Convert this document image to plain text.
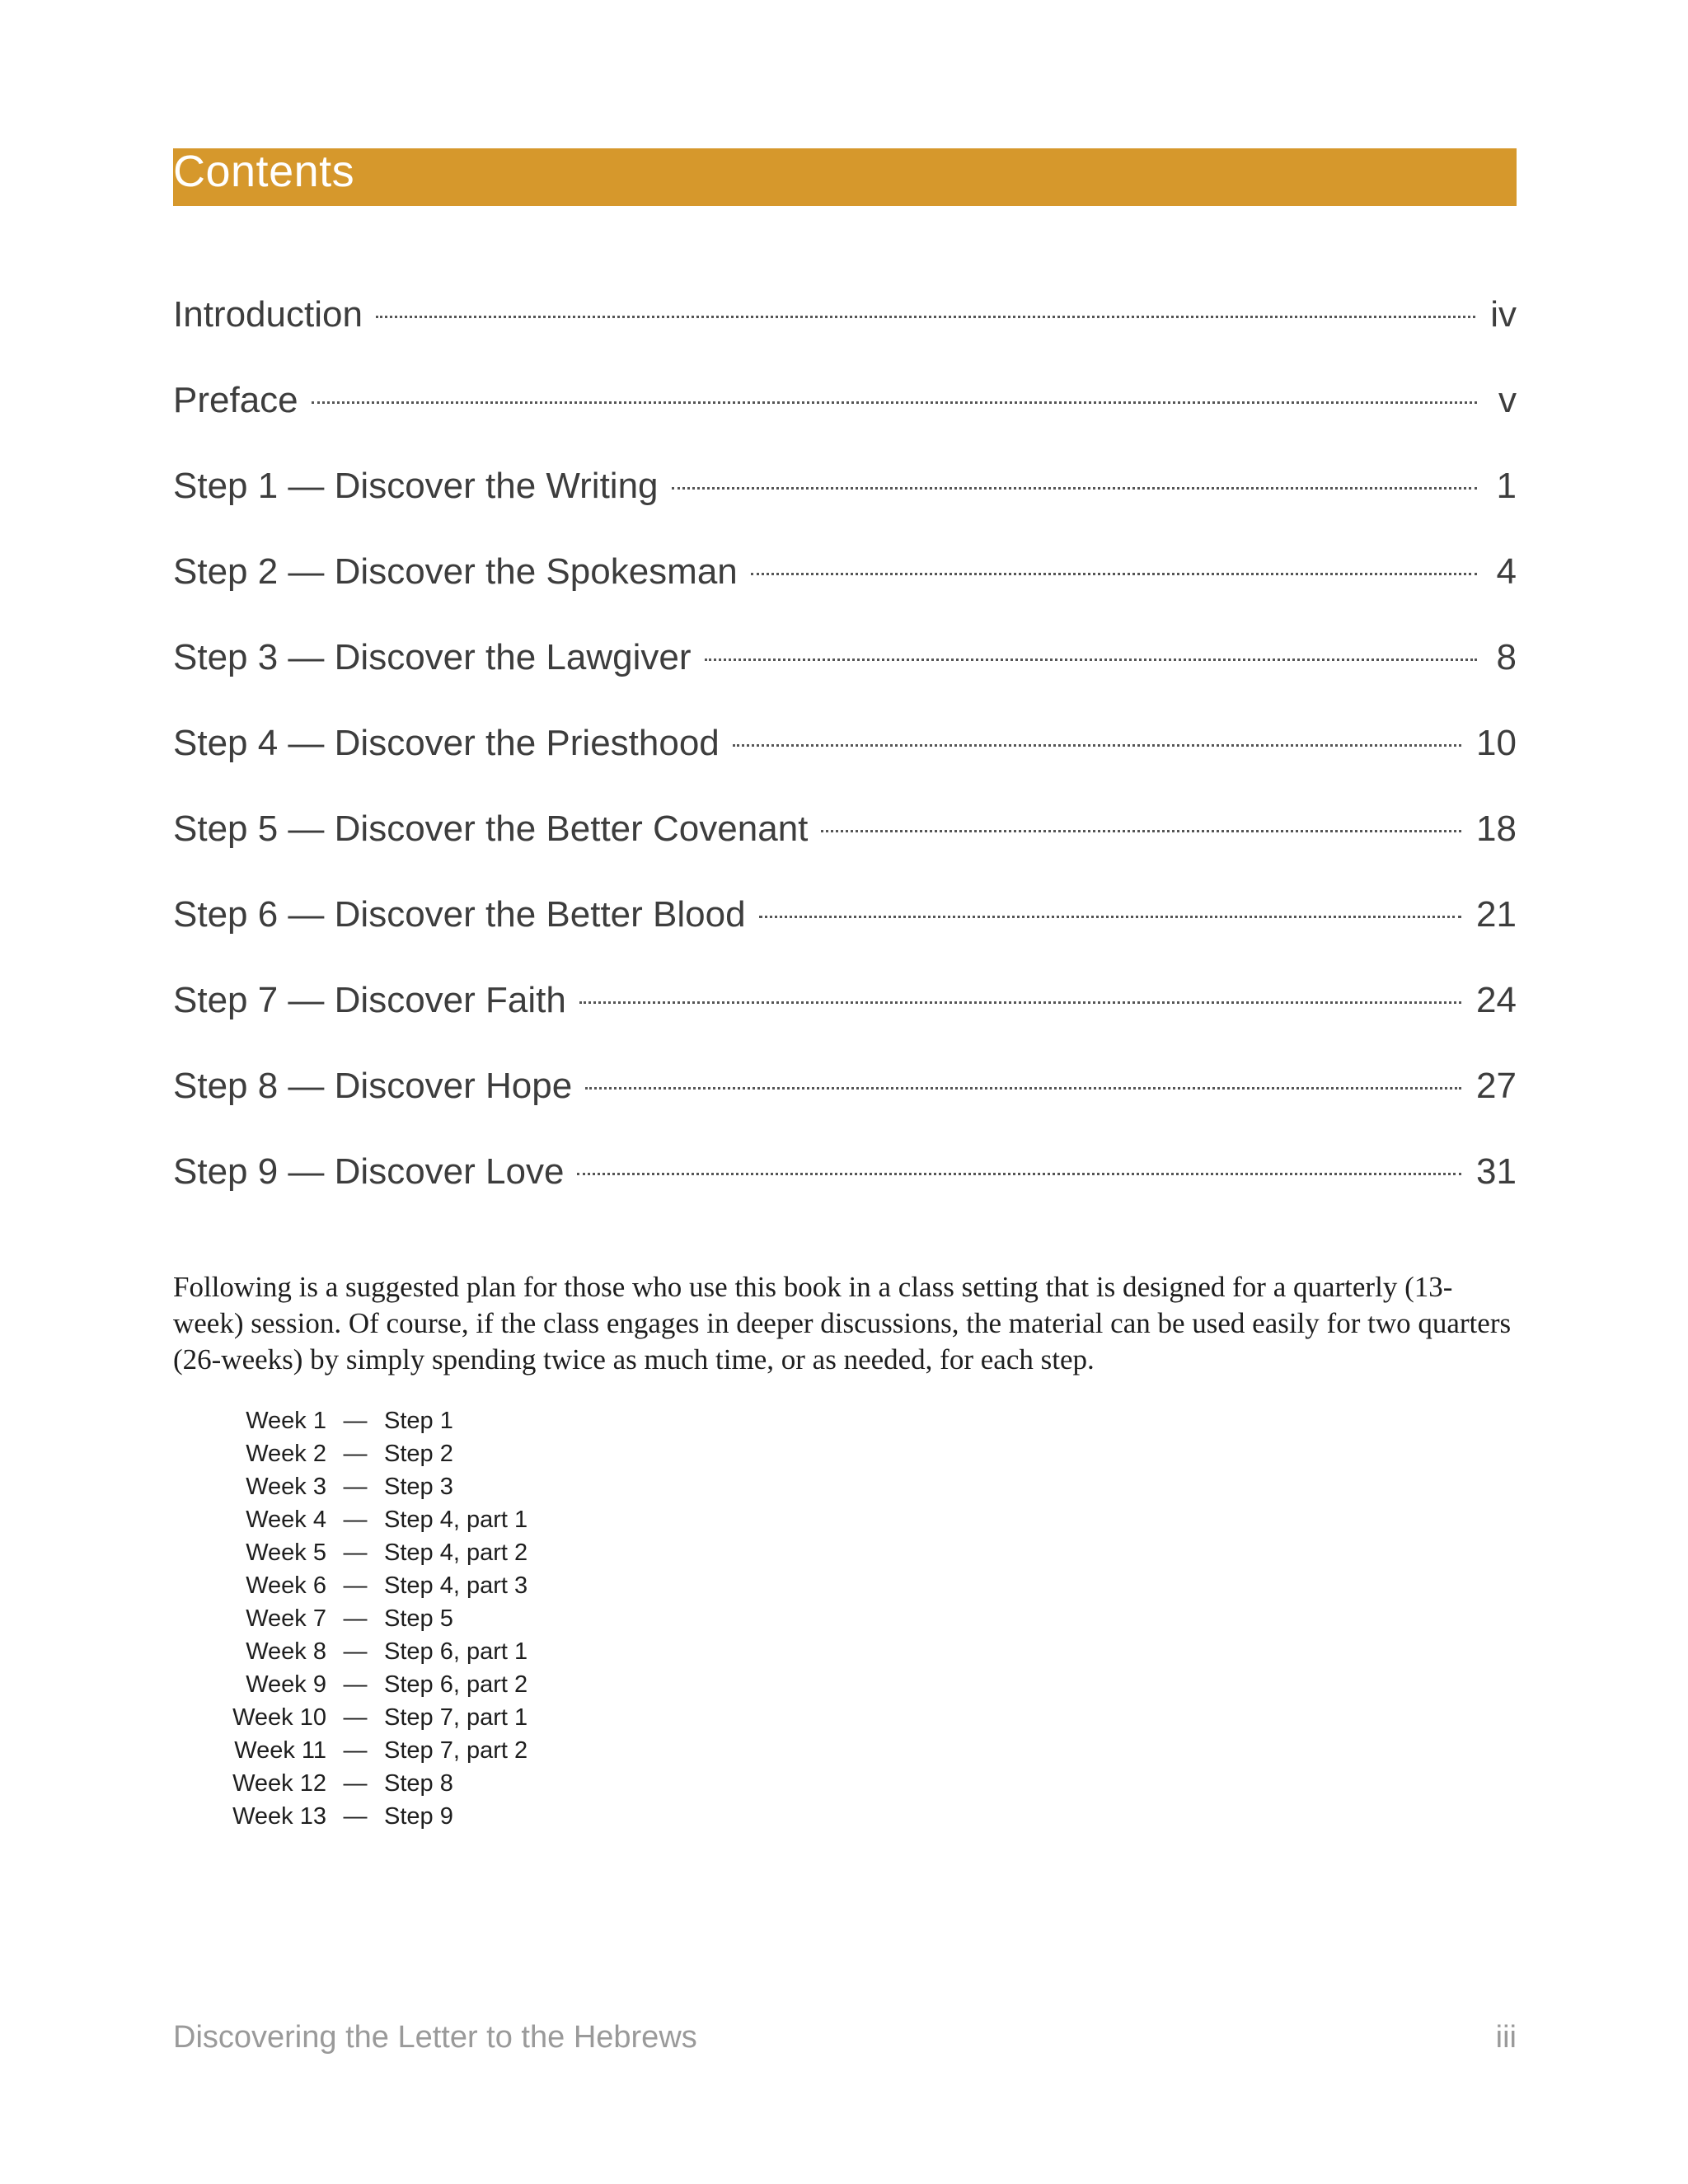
Contents
Introduction	iv
Preface	v
Step 1 — Discover the Writing	1
Step 2 — Discover the Spokesman	4
Step 3 — Discover the Lawgiver	8
Step 4 — Discover the Priesthood	10
Step 5 — Discover the Better Covenant	18
Step 6 — Discover the Better Blood	21
Step 7 — Discover Faith	24
Step 8 — Discover Hope	27
Step 9 — Discover Love	31
Following is a suggested plan for those who use this book in a class setting that is designed for a quarterly (13-week) session. Of course, if the class engages in deeper discussions, the material can be used easily for two quarters (26-weeks) by simply spending twice as much time, or as needed, for each step.
Week 1 — Step 1
Week 2 — Step 2
Week 3 — Step 3
Week 4 — Step 4, part 1
Week 5 — Step 4, part 2
Week 6 — Step 4, part 3
Week 7 — Step 5
Week 8 — Step 6, part 1
Week 9 — Step 6, part 2
Week 10 — Step 7, part 1
Week 11 — Step 7, part 2
Week 12 — Step 8
Week 13 — Step 9
Discovering the Letter to the Hebrews	iii
